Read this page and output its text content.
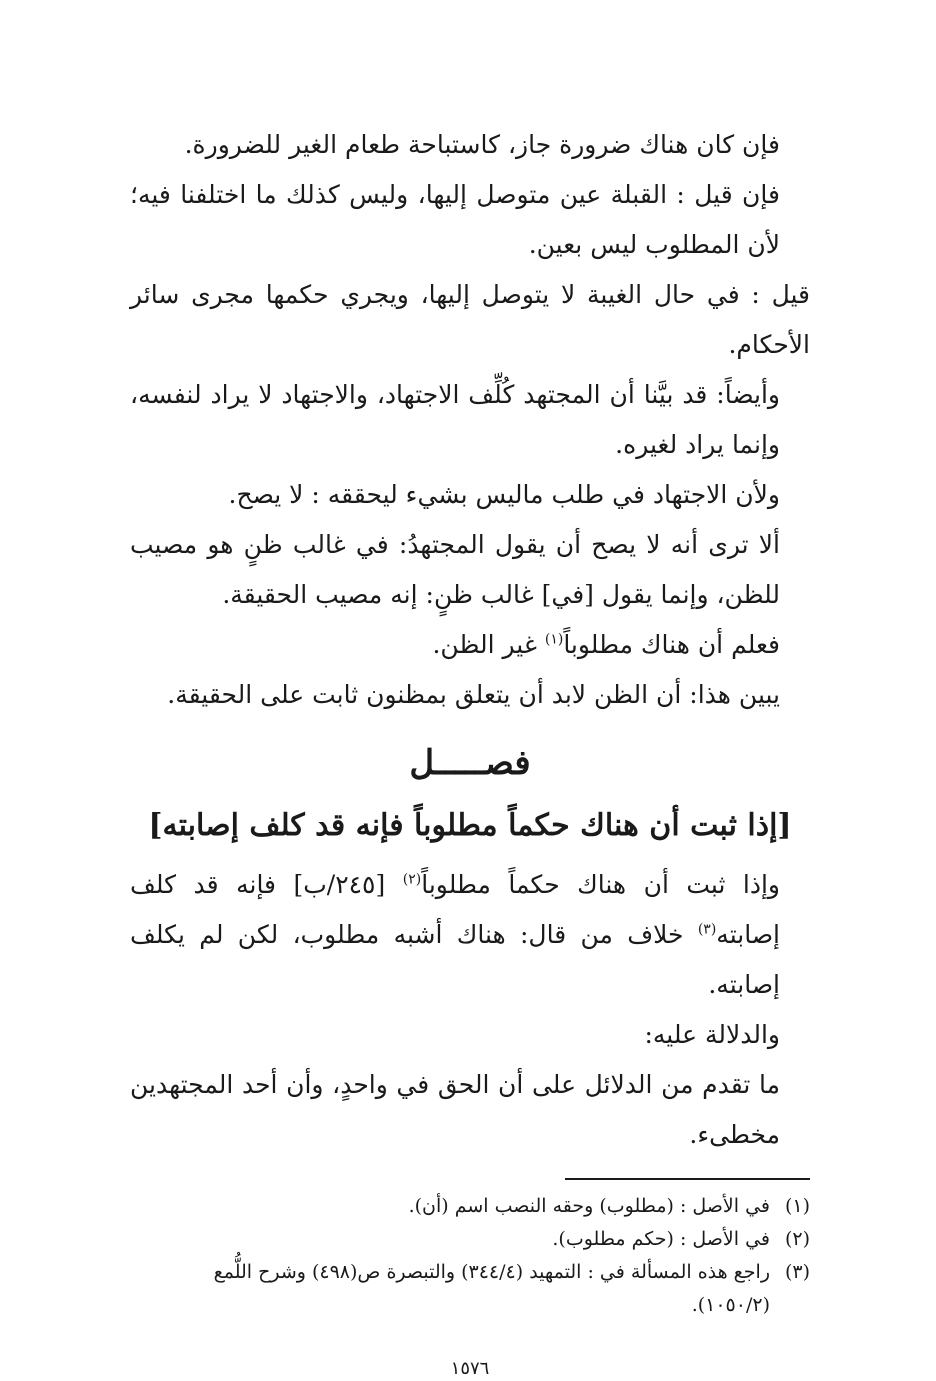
فإن كان هناك ضرورة جاز، كاستباحة طعام الغير للضرورة.

فإن قيل : القبلة عين متوصل إليها، وليس كذلك ما اختلفنا فيه؛ لأن المطلوب ليس بعين.

قيل : في حال الغيبة لا يتوصل إليها، ويجري حكمها مجرى سائر الأحكام.

وأيضاً: قد بيَّنا أن المجتهد كُلِّف الاجتهاد، والاجتهاد لا يراد لنفسه، وإنما يراد لغيره.

ولأن الاجتهاد في طلب ماليس بشيء ليحققه : لا يصح.

ألا ترى أنه لا يصح أن يقول المجتهدُ: في غالب ظنٍ هو مصيب للظن، وإنما يقول [في] غالب ظنٍ: إنه مصيب الحقيقة.

فعلم أن هناك مطلوباً$^{(١)}$ غير الظن.

يبين هذا: أن الظن لابد أن يتعلق بمظنون ثابت على الحقيقة.

فصـــــل
[إذا ثبت أن هناك حكماً مطلوباً فإنه قد كلف إصابته]

وإذا ثبت أن هناك حكماً مطلوباً$^{(٢)}$ [٢٤٥/ب] فإنه قد كلف إصابته$^{(٣)}$ خلاف من قال: هناك أشبه مطلوب، لكن لم يكلف إصابته.

والدلالة عليه:

ما تقدم من الدلائل على أن الحق في واحدٍ، وأن أحد المجتهدين مخطىء.

(١)
في الأصل : (مطلوب) وحقه النصب اسم (أن).
(٢)
في الأصل : (حكم مطلوب).
(٣)
راجع هذه المسألة في : التمهيد (٣٤٤/٤) والتبصرة ص(٤٩٨) وشرح اللُّمع (١٠٥٠/٢).
١٥٧٦
